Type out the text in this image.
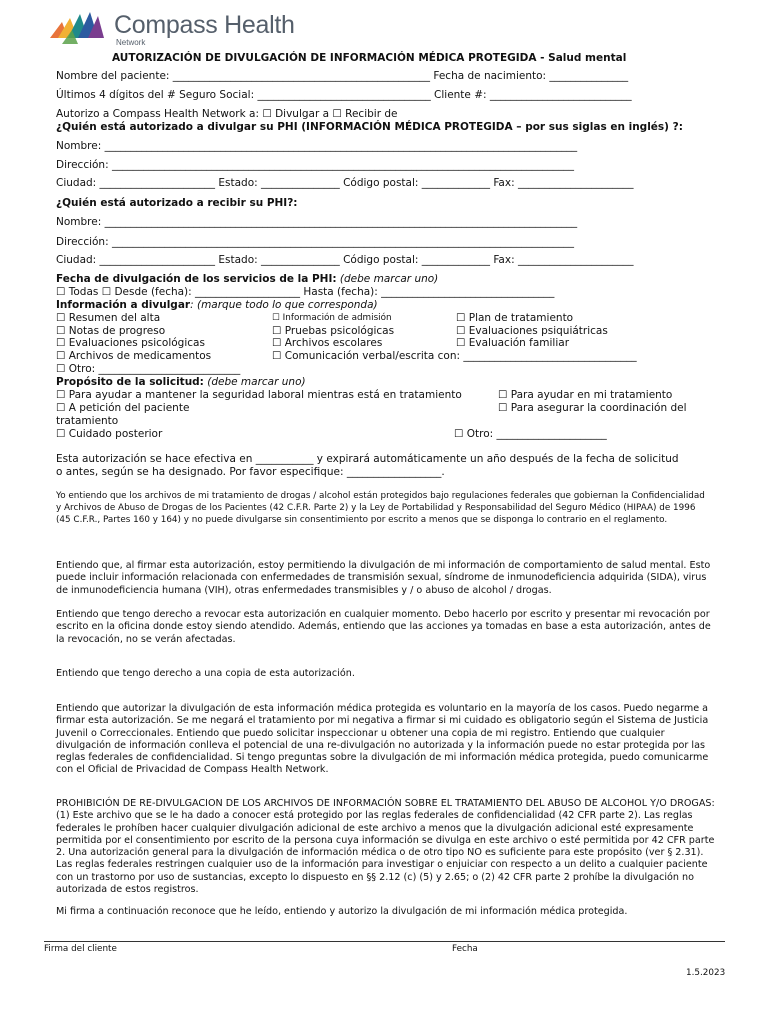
Compass Health
Network
AUTORIZACIÓN DE DIVULGACIÓN DE INFORMACIÓN MÉDICA PROTEGIDA - Salud mental
Nombre del paciente: _________________________________________________ Fecha de nacimiento: _______________
Últimos 4 dígitos del # Seguro Social: _________________________________ Cliente #: ___________________________
Autorizo a Compass Health Network a: ☐ Divulgar a ☐ Recibir de
¿Quién está autorizado a divulgar su PHI (INFORMACIÓN MÉDICA PROTEGIDA – por sus siglas en inglés) ?:
Nombre: __________________________________________________________________________________________
Dirección: ________________________________________________________________________________________
Ciudad: ______________________ Estado: _______________ Código postal: _____________ Fax: ______________________
¿Quién está autorizado a recibir su PHI?:
Nombre: __________________________________________________________________________________________
Dirección: ________________________________________________________________________________________
Ciudad: ______________________ Estado: _______________ Código postal: _____________ Fax: ______________________
Fecha de divulgación de los servicios de la PHI: (debe marcar uno)
☐ Todas ☐ Desde (fecha): ____________________ Hasta (fecha): _________________________________
Información a divulgar: (marque todo lo que corresponda)
☐ Resumen del alta
☐ Notas de progreso
☐ Evaluaciones psicológicas
☐ Archivos de medicamentos
☐ Otro: ___________________________
☐ Información de admisión
☐ Pruebas psicológicas
☐ Archivos escolares
☐ Comunicación verbal/escrita con: _________________________________
☐ Plan de tratamiento
☐ Evaluaciones psiquiátricas
☐ Evaluación familiar
Propósito de la solicitud: (debe marcar uno)
☐ Para ayudar a mantener la seguridad laboral mientras está en tratamiento
☐ A petición del paciente
tratamiento
☐ Cuidado posterior
☐ Para ayudar en mi tratamiento
☐ Para asegurar la coordinación del
☐ Otro: _____________________
Esta autorización se hace efectiva en ___________ y expirará automáticamente un año después de la fecha de solicitud
o antes, según se ha designado. Por favor especifique: __________________.
Yo entiendo que los archivos de mi tratamiento de drogas / alcohol están protegidos bajo regulaciones federales que gobiernan la Confidencialidad y Archivos de Abuso de Drogas de los Pacientes (42 C.F.R. Parte 2) y la Ley de Portabilidad y Responsabilidad del Seguro Médico (HIPAA) de 1996 (45 C.F.R., Partes 160 y 164) y no puede divulgarse sin consentimiento por escrito a menos que se disponga lo contrario en el reglamento.
Entiendo que, al firmar esta autorización, estoy permitiendo la divulgación de mi información de comportamiento de salud mental. Esto puede incluir información relacionada con enfermedades de transmisión sexual, síndrome de inmunodeficiencia adquirida (SIDA), virus de inmunodeficiencia humana (VIH), otras enfermedades transmisibles y / o abuso de alcohol / drogas.
Entiendo que tengo derecho a revocar esta autorización en cualquier momento. Debo hacerlo por escrito y presentar mi revocación por escrito en la oficina donde estoy siendo atendido. Además, entiendo que las acciones ya tomadas en base a esta autorización, antes de la revocación, no se verán afectadas.
Entiendo que tengo derecho a una copia de esta autorización.
Entiendo que autorizar la divulgación de esta información médica protegida es voluntario en la mayoría de los casos. Puedo negarme a firmar esta autorización. Se me negará el tratamiento por mi negativa a firmar si mi cuidado es obligatorio según el Sistema de Justicia Juvenil o Correccionales. Entiendo que puedo solicitar inspeccionar u obtener una copia de mi registro. Entiendo que cualquier divulgación de información conlleva el potencial de una re-divulgación no autorizada y la información puede no estar protegida por las reglas federales de confidencialidad. Si tengo preguntas sobre la divulgación de mi información médica protegida, puedo comunicarme con el Oficial de Privacidad de Compass Health Network.
PROHIBICIÓN DE RE-DIVULGACION DE LOS ARCHIVOS DE INFORMACIÓN SOBRE EL TRATAMIENTO DEL ABUSO DE ALCOHOL Y/O DROGAS: (1) Este archivo que se le ha dado a conocer está protegido por las reglas federales de confidencialidad (42 CFR parte 2). Las reglas federales le prohíben hacer cualquier divulgación adicional de este archivo a menos que la divulgación adicional esté expresamente permitida por el consentimiento por escrito de la persona cuya información se divulga en este archivo o esté permitida por 42 CFR parte 2. Una autorización general para la divulgación de información médica o de otro tipo NO es suficiente para este propósito (ver § 2.31). Las reglas federales restringen cualquier uso de la información para investigar o enjuiciar con respecto a un delito a cualquier paciente con un trastorno por uso de sustancias, excepto lo dispuesto en §§ 2.12 (c) (5) y 2.65; o (2) 42 CFR parte 2 prohíbe la divulgación no autorizada de estos registros.
Mi firma a continuación reconoce que he leído, entiendo y autorizo la divulgación de mi información médica protegida.
Firma del cliente	Fecha
1.5.2023
